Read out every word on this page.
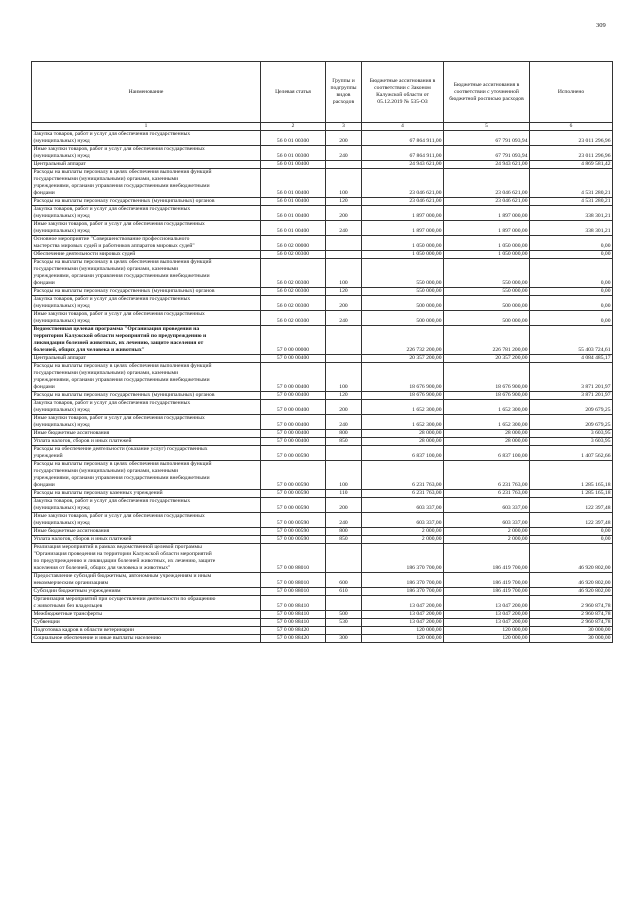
309
Наименование	Целевая статья	Группы и подгруппы видов расходов	Бюджетные ассигнования в соответствии с Законом Калужской области от 05.12.2019 № 535-ОЗ	Бюджетные ассигнования в соответствии с уточненной бюджетной росписью расходов	Исполнено
1	2	3	4	5	6
Закупка товаров, работ и услуг для обеспечения государственных
(муниципальных) нужд	56 0 01 00300	200	67 864 911,00	67 791 093,94	23 011 296,96
Иные закупки товаров, работ и услуг для обеспечения государственных
(муниципальных) нужд	56 0 01 00300	240	67 864 911,00	67 791 093,94	23 011 296,96
Центральный аппарат	56 0 01 00400		24 943 621,00	24 943 621,00	4 869 581,42
Расходы на выплаты персоналу в целях обеспечения выполнения функций
государственными (муниципальными) органами, казенными
учреждениями, органами управления государственными внебюджетными
фондами	56 0 01 00400	100	23 046 621,00	23 046 621,00	4 531 280,21
Расходы на выплаты персоналу государственных (муниципальных) органов	56 0 01 00400	120	23 046 621,00	23 046 621,00	4 531 280,21
Закупка товаров, работ и услуг для обеспечения государственных
(муниципальных) нужд	56 0 01 00400	200	1 897 000,00	1 897 000,00	338 301,21
Иные закупки товаров, работ и услуг для обеспечения государственных
(муниципальных) нужд	56 0 01 00400	240	1 897 000,00	1 897 000,00	338 301,21
Основное мероприятие "Совершенствование профессионального
мастерства мировых судей и работников аппаратов мировых судей"	56 0 02 00000		1 050 000,00	1 050 000,00	0,00
Обеспечение деятельности мировых судей	56 0 02 00300		1 050 000,00	1 050 000,00	0,00
Расходы на выплаты персоналу в целях обеспечения выполнения функций
государственными (муниципальными) органами, казенными
учреждениями, органами управления государственными внебюджетными
фондами	56 0 02 00300	100	550 000,00	550 000,00	0,00
Расходы на выплаты персоналу государственных (муниципальных) органов	56 0 02 00300	120	550 000,00	550 000,00	0,00
Закупка товаров, работ и услуг для обеспечения государственных
(муниципальных) нужд	56 0 02 00300	200	500 000,00	500 000,00	0,00
Иные закупки товаров, работ и услуг для обеспечения государственных
(муниципальных) нужд	56 0 02 00300	240	500 000,00	500 000,00	0,00
Ведомственная целевая программа "Организация проведения на
территории Калужской области мероприятий по предупреждению и
ликвидации болезней животных, их лечению, защите населения от
болезней, общих для человека и животных"	57 0 00 00000		226 732 200,00	226 781 200,00	55 403 724,61
Центральный аппарат	57 0 00 00400		20 357 200,00	20 357 200,00	4 084 485,17
Расходы на выплаты персоналу в целях обеспечения выполнения функций
государственными (муниципальными) органами, казенными
учреждениями, органами управления государственными внебюджетными
фондами	57 0 00 00400	100	18 676 900,00	18 676 900,00	3 871 201,97
Расходы на выплаты персоналу государственных (муниципальных) органов	57 0 00 00400	120	18 676 900,00	18 676 900,00	3 871 201,97
Закупка товаров, работ и услуг для обеспечения государственных
(муниципальных) нужд	57 0 00 00400	200	1 652 300,00	1 652 300,00	209 679,25
Иные закупки товаров, работ и услуг для обеспечения государственных
(муниципальных) нужд	57 0 00 00400	240	1 652 300,00	1 652 300,00	209 679,25
Иные бюджетные ассигнования	57 0 00 00400	800	28 000,00	28 000,00	3 603,95
Уплата налогов, сборов и иных платежей	57 0 00 00400	850	28 000,00	28 000,00	3 603,95
Расходы на обеспечение деятельности (оказание услуг) государственных
учреждений	57 0 00 00590		6 837 100,00	6 837 100,00	1 407 562,66
Расходы на выплаты персоналу в целях обеспечения выполнения функций
государственными (муниципальными) органами, казенными
учреждениями, органами управления государственными внебюджетными
фондами	57 0 00 00590	100	6 231 763,00	6 231 763,00	1 285 165,18
Расходы на выплаты персоналу казенных учреждений	57 0 00 00590	110	6 231 763,00	6 231 763,00	1 285 165,18
Закупка товаров, работ и услуг для обеспечения государственных
(муниципальных) нужд	57 0 00 00590	200	603 337,00	603 337,00	122 397,48
Иные закупки товаров, работ и услуг для обеспечения государственных
(муниципальных) нужд	57 0 00 00590	240	603 337,00	603 337,00	122 397,48
Иные бюджетные ассигнования	57 0 00 00590	800	2 000,00	2 000,00	0,00
Уплата налогов, сборов и иных платежей	57 0 00 00590	850	2 000,00	2 000,00	0,00
Реализация мероприятий в рамках ведомственной целевой программы
"Организация проведения на территории Калужской области мероприятий
по предупреждению и ликвидации болезней животных, их лечению, защите
населения от болезней, общих для человека и животных"	57 0 00 88010		186 370 700,00	186 419 700,00	46 920 802,00
Предоставление субсидий бюджетным, автономным учреждениям и иным
некоммерческим организациям	57 0 00 88010	600	186 370 700,00	186 419 700,00	46 920 802,00
Субсидии бюджетным учреждениям	57 0 00 88010	610	186 370 700,00	186 419 700,00	46 920 802,00
Организация мероприятий при осуществлении деятельности по обращению
с животными без владельцев	57 0 00 88410		13 047 200,00	13 047 200,00	2 960 874,78
Межбюджетные трансферты	57 0 00 88410	500	13 047 200,00	13 047 200,00	2 960 874,78
Субвенции	57 0 00 88410	530	13 047 200,00	13 047 200,00	2 960 874,78
Подготовка кадров в области ветеринарии	57 0 00 88420		120 000,00	120 000,00	30 000,00
Социальное обеспечение и иные выплаты населению	57 0 00 88420	300	120 000,00	120 000,00	30 000,00
